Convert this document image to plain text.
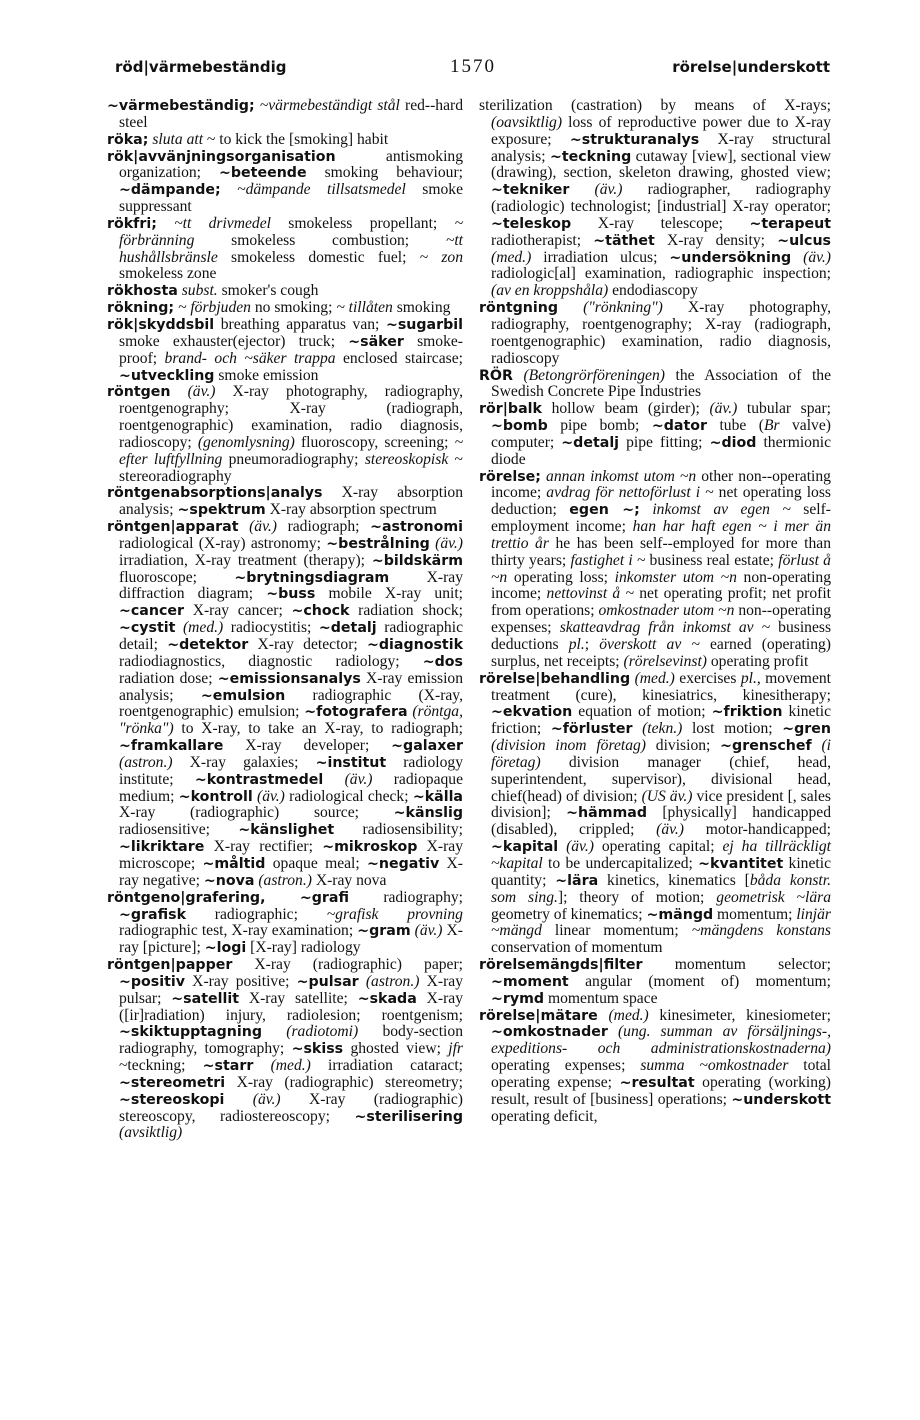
röd|värmebeständig	1570	rörelse|underskott

~värmebeständig; ~värmebeständigt stål red--hard steel

röka; sluta att ~ to kick the [smoking] habit

rök|avvänjningsorganisation antismoking organization; ~beteende smoking behaviour; ~dämpande; ~dämpande tillsatsmedel smoke suppressant

rökfri; ~tt drivmedel smokeless propellant; ~ förbränning smokeless combustion; ~tt hushållsbränsle smokeless domestic fuel; ~ zon smokeless zone

rökhosta subst. smoker's cough

rökning; ~ förbjuden no smoking; ~ tillåten smoking

rök|skyddsbil breathing apparatus van; ~sugarbil smoke exhauster(ejector) truck; ~säker smoke-proof; brand- och ~säker trappa enclosed staircase; ~utveckling smoke emission

röntgen (äv.) X-ray photography, radiography, roentgenography; X-ray (radiograph, roentgenographic) examination, radio diagnosis, radioscopy; (genomlysning) fluoroscopy, screening; ~ efter luftfyllning pneumoradiography; stereoskopisk ~ stereoradiography

röntgenabsorptions|analys X-ray absorption analysis; ~spektrum X-ray absorption spectrum

röntgen|apparat (äv.) radiograph; ~astronomi radiological (X-ray) astronomy; ~bestrålning (äv.) irradiation, X-ray treatment (therapy); ~bildskärm fluoroscope; ~brytningsdiagram X-ray diffraction diagram; ~buss mobile X-ray unit; ~cancer X-ray cancer; ~chock radiation shock; ~cystit (med.) radiocystitis; ~detalj radiographic detail; ~detektor X-ray detector; ~diagnostik radiodiagnostics, diagnostic radiology; ~dos radiation dose; ~emissionsanalys X-ray emission analysis; ~emulsion radiographic (X-ray, roentgenographic) emulsion; ~fotografera (röntga, "rönka") to X-ray, to take an X-ray, to radiograph; ~framkallare X-ray developer; ~galaxer (astron.) X-ray galaxies; ~institut radiology institute; ~kontrastmedel (äv.) radiopaque medium; ~kontroll (äv.) radiological check; ~källa X-ray (radiographic) source; ~känslig radiosensitive; ~känslighet radiosensibility; ~likriktare X-ray rectifier; ~mikroskop X-ray microscope; ~måltid opaque meal; ~negativ X-ray negative; ~nova (astron.) X-ray nova

röntgeno|grafering, ~grafi radiography; ~grafisk radiographic; ~grafisk provning radiographic test, X-ray examination; ~gram (äv.) X-ray [picture]; ~logi [X-ray] radiology

röntgen|papper X-ray (radiographic) paper; ~positiv X-ray positive; ~pulsar (astron.) X-ray pulsar; ~satellit X-ray satellite; ~skada X-ray ([ir]radiation) injury, radiolesion; roentgenism; ~skiktupptagning (radiotomi) body-section radiography, tomography; ~skiss ghosted view; jfr ~teckning; ~starr (med.) irradiation cataract; ~stereometri X-ray (radiographic) stereometry; ~stereoskopi (äv.) X-ray (radiographic) stereoscopy, radiostereoscopy; ~sterilisering (avsiktlig)

sterilization (castration) by means of X-rays; (oavsiktlig) loss of reproductive power due to X-ray exposure; ~strukturanalys X-ray structural analysis; ~teckning cutaway [view], sectional view (drawing), section, skeleton drawing, ghosted view; ~tekniker (äv.) radiographer, radiography (radiologic) technologist; [industrial] X-ray operator; ~teleskop X-ray telescope; ~terapeut radiotherapist; ~täthet X-ray density; ~ulcus (med.) irradiation ulcus; ~undersökning (äv.) radiologic[al] examination, radiographic inspection; (av en kroppshåla) endodiascopy

röntgning ("rönkning") X-ray photography, radiography, roentgenography; X-ray (radiograph, roentgenographic) examination, radio diagnosis, radioscopy

RÖR (Betongrörföreningen) the Association of the Swedish Concrete Pipe Industries

rör|balk hollow beam (girder); (äv.) tubular spar; ~bomb pipe bomb; ~dator tube (Br valve) computer; ~detalj pipe fitting; ~diod thermionic diode

rörelse; annan inkomst utom ~n other non--operating income; avdrag för nettoförlust i ~ net operating loss deduction; egen ~; inkomst av egen ~ self-employment income; han har haft egen ~ i mer än trettio år he has been self--employed for more than thirty years; fastighet i ~ business real estate; förlust å ~n operating loss; inkomster utom ~n non-operating income; nettovinst å ~ net operating profit; net profit from operations; omkostnader utom ~n non--operating expenses; skatteavdrag från inkomst av ~ business deductions pl.; överskott av ~ earned (operating) surplus, net receipts; (rörelsevinst) operating profit

rörelse|behandling (med.) exercises pl., movement treatment (cure), kinesiatrics, kinesitherapy; ~ekvation equation of motion; ~friktion kinetic friction; ~förluster (tekn.) lost motion; ~gren (division inom företag) division; ~grenschef (i företag) division manager (chief, head, superintendent, supervisor), divisional head, chief(head) of division; (US äv.) vice president [, sales division]; ~hämmad [physically] handicapped (disabled), crippled; (äv.) motor-handicapped; ~kapital (äv.) operating capital; ej ha tillräckligt ~kapital to be undercapitalized; ~kvantitet kinetic quantity; ~lära kinetics, kinematics [båda konstr. som sing.]; theory of motion; geometrisk ~lära geometry of kinematics; ~mängd momentum; linjär ~mängd linear momentum; ~mängdens konstans conservation of momentum

rörelsemängds|filter momentum selector; ~moment angular (moment of) momentum; ~rymd momentum space

rörelse|mätare (med.) kinesimeter, kinesiometer; ~omkostnader (ung. summan av försäljnings-, expeditions- och administrationskostnaderna) operating expenses; summa ~omkostnader total operating expense; ~resultat operating (working) result, result of [business] operations; ~underskott operating deficit,
